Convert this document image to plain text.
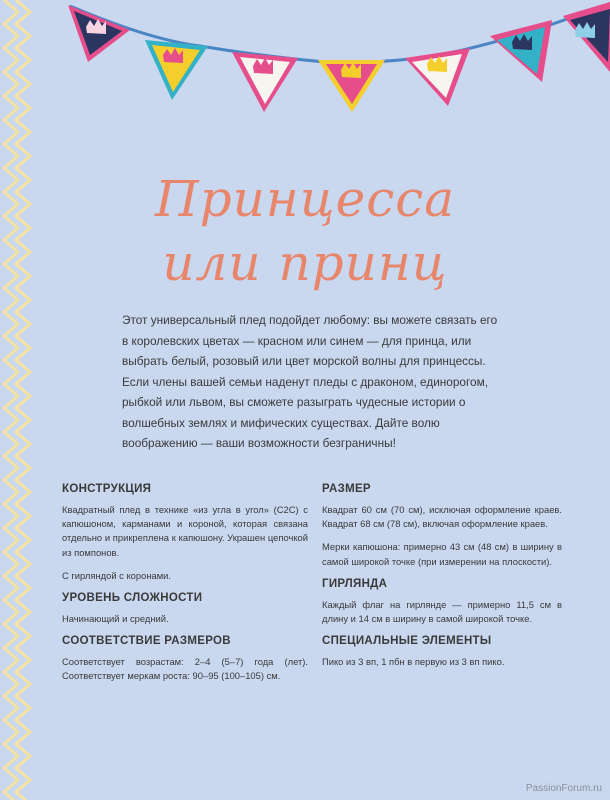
Принцесса
или принц
Этот универсальный плед подойдет любому: вы можете связать его в королевских цветах — красном или синем — для принца, или выбрать белый, розовый или цвет морской волны для принцессы. Если члены вашей семьи наденут пледы с драконом, единорогом, рыбкой или львом, вы сможете разыграть чудесные истории о волшебных землях и мифических существах. Дайте волю воображению — ваши возможности безграничны!
КОНСТРУКЦИЯ
Квадратный плед в технике «из угла в угол» (C2C) с капюшоном, карманами и короной, которая связана отдельно и прикреплена к капюшону. Украшен цепочкой из помпонов.
С гирляндой с коронами.
УРОВЕНЬ СЛОЖНОСТИ
Начинающий и средний.
СООТВЕТСТВИЕ РАЗМЕРОВ
Соответствует возрастам: 2–4 (5–7) года (лет). Соответствует меркам роста: 90–95 (100–105) см.
РАЗМЕР
Квадрат 60 см (70 см), исключая оформление краев. Квадрат 68 см (78 см), включая оформление краев.
Мерки капюшона: примерно 43 см (48 см) в ширину в самой широкой точке (при измерении на плоскости).
ГИРЛЯНДА
Каждый флаг на гирлянде — примерно 11,5 см в длину и 14 см в ширину в самой широкой точке.
СПЕЦИАЛЬНЫЕ ЭЛЕМЕНТЫ
Пико из 3 вп, 1 пбн в первую из 3 вп пико.
PassionForum.ru
